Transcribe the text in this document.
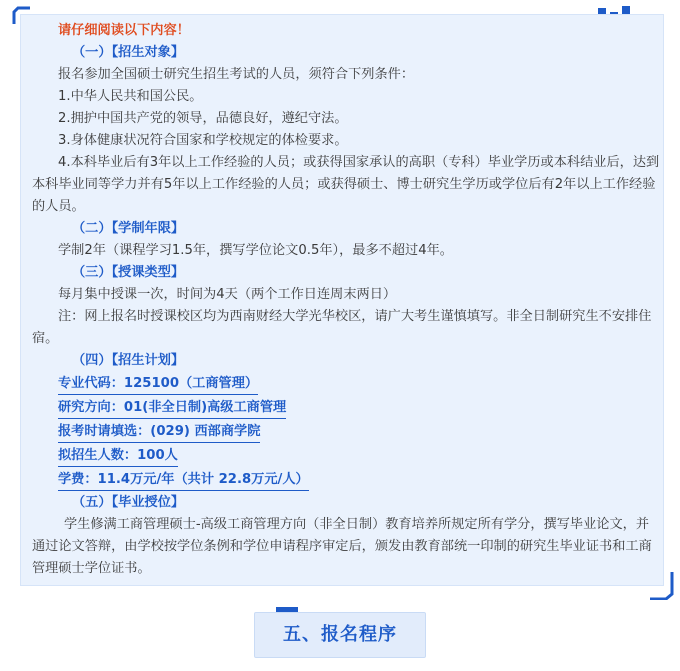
请仔细阅读以下内容！
（一）【招生对象】
报名参加全国硕士研究生招生考试的人员，须符合下列条件：
1.中华人民共和国公民。
2.拥护中国共产党的领导，品德良好，遵纪守法。
3.身体健康状况符合国家和学校规定的体检要求。
4.本科毕业后有3年以上工作经验的人员；或获得国家承认的高职（专科）毕业学历或本科结业后，达到本科毕业同等学力并有5年以上工作经验的人员；或获得硕士、博士研究生学历或学位后有2年以上工作经验的人员。
（二）【学制年限】
学制2年（课程学习1.5年，撰写学位论文0.5年），最多不超过4年。
（三）【授课类型】
每月集中授课一次，时间为4天（两个工作日连周末两日）
注：网上报名时授课校区均为西南财经大学光华校区，请广大考生谨慎填写。非全日制研究生不安排住宿。
（四）【招生计划】
专业代码：125100（工商管理）
研究方向：01(非全日制)高级工商管理
报考时请填选：(029) 西部商学院
拟招生人数：100人
学费：11.4万元/年（共计 22.8万元/人）
（五）【毕业授位】
学生修满工商管理硕士-高级工商管理方向（非全日制）教育培养所规定所有学分，撰写毕业论文，并通过论文答辩，由学校按学位条例和学位申请程序审定后，颁发由教育部统一印制的研究生毕业证书和工商管理硕士学位证书。
五、报名程序
